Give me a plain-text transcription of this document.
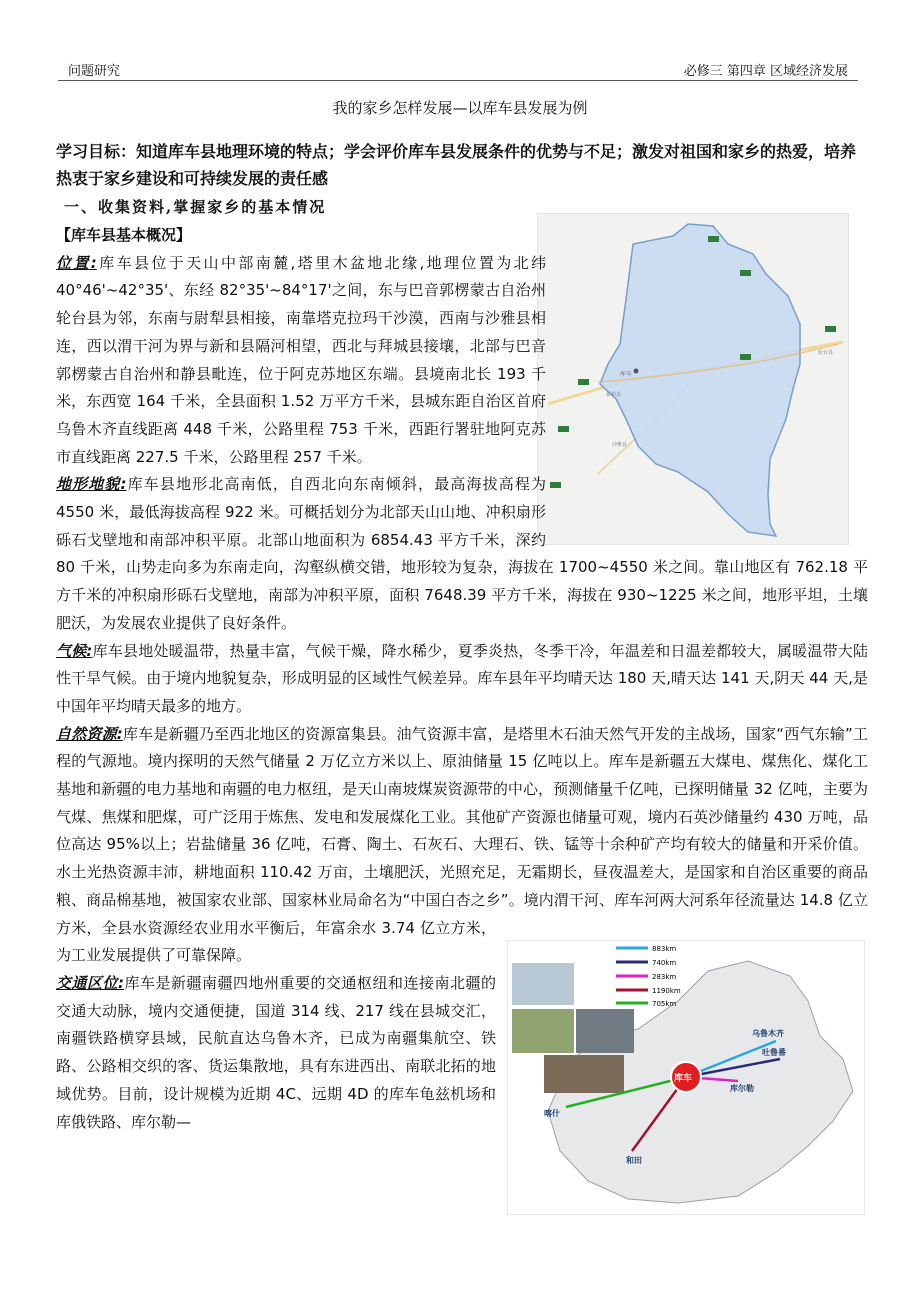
问题研究	必修三 第四章 区域经济发展
我的家乡怎样发展—以库车县发展为例
学习目标：知道库车县地理环境的特点；学会评价库车县发展条件的优势与不足；激发对祖国和家乡的热爱，培养热衷于家乡建设和可持续发展的责任感
一、收集资料,掌握家乡的基本情况
库车
新和县
沙雅县
轮台县
883km
740km
283km
1190km
705km
库车
乌鲁木齐
吐鲁番
库尔勒
喀什
和田

【库车县基本概况】

位置:库车县位于天山中部南麓,塔里木盆地北缘,地理位置为北纬 40°46'~42°35'、东经 82°35'~84°17'之间，东与巴音郭楞蒙古自治州轮台县为邻，东南与尉犁县相接，南靠塔克拉玛干沙漠，西南与沙雅县相连，西以渭干河为界与新和县隔河相望，西北与拜城县接壤，北部与巴音郭楞蒙古自治州和静县毗连，位于阿克苏地区东端。县境南北长 193 千米，东西宽 164 千米，全县面积 1.52 万平方千米，县城东距自治区首府乌鲁木齐直线距离 448 千米，公路里程 753 千米，西距行署驻地阿克苏市直线距离 227.5 千米，公路里程 257 千米。

地形地貌:库车县地形北高南低，自西北向东南倾斜，最高海拔高程为 4550 米，最低海拔高程 922 米。可概括划分为北部天山山地、冲积扇形砾石戈壁地和南部冲积平原。北部山地面积为 6854.43 平方千米，深约 80 千米，山势走向多为东南走向，沟壑纵横交错，地形较为复杂，海拔在 1700~4550 米之间。靠山地区有 762.18 平方千米的冲积扇形砾石戈壁地，南部为冲积平原，面积 7648.39 平方千米，海拔在 930~1225 米之间，地形平坦，土壤肥沃，为发展农业提供了良好条件。

气候:库车县地处暖温带，热量丰富，气候干燥，降水稀少，夏季炎热，冬季干冷，年温差和日温差都较大，属暖温带大陆性干旱气候。由于境内地貌复杂，形成明显的区域性气候差异。库车县年平均晴天达 180 天,晴天达 141 天,阴天 44 天,是中国年平均晴天最多的地方。

自然资源:库车是新疆乃至西北地区的资源富集县。油气资源丰富，是塔里木石油天然气开发的主战场，国家“西气东输”工程的气源地。境内探明的天然气储量 2 万亿立方米以上、原油储量 15 亿吨以上。库车是新疆五大煤电、煤焦化、煤化工基地和新疆的电力基地和南疆的电力枢纽，是天山南坡煤炭资源带的中心，预测储量千亿吨，已探明储量 32 亿吨，主要为气煤、焦煤和肥煤，可广泛用于炼焦、发电和发展煤化工业。其他矿产资源也储量可观，境内石英沙储量约 430 万吨，品位高达 95%以上；岩盐储量 36 亿吨，石膏、陶土、石灰石、大理石、铁、锰等十余种矿产均有较大的储量和开采价值。水土光热资源丰沛，耕地面积 110.42 万亩，土壤肥沃，光照充足，无霜期长，昼夜温差大，是国家和自治区重要的商品粮、商品棉基地，被国家农业部、国家林业局命名为“中国白杏之乡”。境内渭干河、库车河两大河系年径流量达 14.8 亿立方米，全县水资源经农业用水平衡后，年富余水 3.74 亿立方米，为工业发展提供了可靠保障。

交通区位:库车是新疆南疆四地州重要的交通枢纽和连接南北疆的交通大动脉，境内交通便捷，国道 314 线、217 线在县城交汇，南疆铁路横穿县域，民航直达乌鲁木齐，已成为南疆集航空、铁路、公路相交织的客、货运集散地，具有东进西出、南联北拓的地域优势。目前，设计规模为近期 4C、远期 4D 的库车龟兹机场和库俄铁路、库尔勒—
